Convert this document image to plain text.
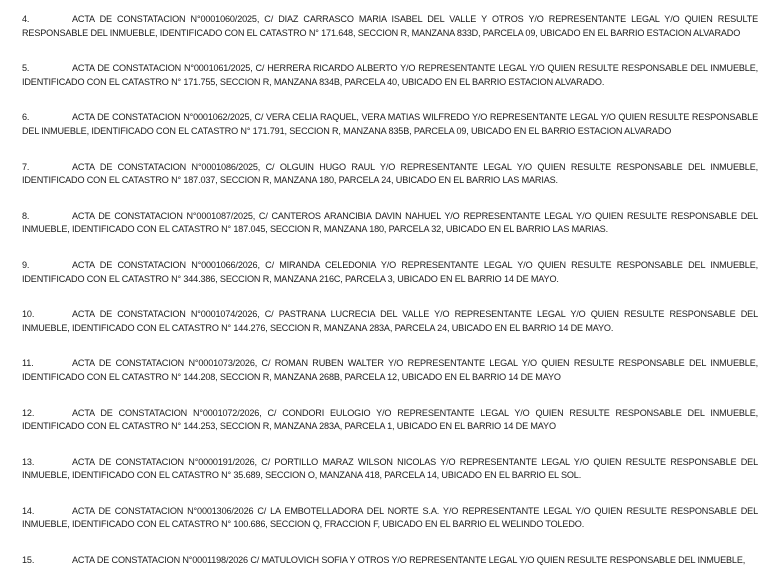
4.	ACTA DE CONSTATACION N°0001060/2025, C/ DIAZ CARRASCO MARIA ISABEL DEL VALLE Y OTROS Y/O REPRESENTANTE LEGAL Y/O QUIEN RESULTE RESPONSABLE DEL INMUEBLE, IDENTIFICADO CON EL CATASTRO N° 171.648, SECCION R, MANZANA 833D, PARCELA 09, UBICADO EN EL BARRIO ESTACION ALVARADO

5.	ACTA DE CONSTATACION N°0001061/2025, C/ HERRERA RICARDO ALBERTO Y/O REPRESENTANTE LEGAL Y/O QUIEN RESULTE RESPONSABLE DEL INMUEBLE, IDENTIFICADO CON EL CATASTRO N° 171.755, SECCION R, MANZANA 834B, PARCELA 40, UBICADO EN EL BARRIO ESTACION ALVARADO.

6.	ACTA DE CONSTATACION N°0001062/2025, C/ VERA CELIA RAQUEL, VERA MATIAS WILFREDO Y/O REPRESENTANTE LEGAL Y/O QUIEN RESULTE RESPONSABLE DEL INMUEBLE, IDENTIFICADO CON EL CATASTRO N° 171.791, SECCION R, MANZANA 835B, PARCELA 09, UBICADO EN EL BARRIO ESTACION ALVARADO

7.	ACTA DE CONSTATACION N°0001086/2025, C/ OLGUIN HUGO RAUL Y/O REPRESENTANTE LEGAL Y/O QUIEN RESULTE RESPONSABLE DEL INMUEBLE, IDENTIFICADO CON EL CATASTRO N° 187.037, SECCION R, MANZANA 180, PARCELA 24, UBICADO EN EL BARRIO LAS MARIAS.

8.	ACTA DE CONSTATACION N°0001087/2025, C/ CANTEROS ARANCIBIA DAVIN NAHUEL Y/O REPRESENTANTE LEGAL Y/O QUIEN RESULTE RESPONSABLE DEL INMUEBLE, IDENTIFICADO CON EL CATASTRO N° 187.045, SECCION R, MANZANA 180, PARCELA 32, UBICADO EN EL BARRIO LAS MARIAS.

9.	ACTA DE CONSTATACION N°0001066/2026, C/ MIRANDA CELEDONIA Y/O REPRESENTANTE LEGAL Y/O QUIEN RESULTE RESPONSABLE DEL INMUEBLE, IDENTIFICADO CON EL CATASTRO N° 344.386, SECCION R, MANZANA 216C, PARCELA 3, UBICADO EN EL BARRIO 14 DE MAYO.

10.	ACTA DE CONSTATACION N°0001074/2026, C/ PASTRANA LUCRECIA DEL VALLE Y/O REPRESENTANTE LEGAL Y/O QUIEN RESULTE RESPONSABLE DEL INMUEBLE, IDENTIFICADO CON EL CATASTRO N° 144.276, SECCION R, MANZANA 283A, PARCELA 24, UBICADO EN EL BARRIO 14 DE MAYO.

11.	ACTA DE CONSTATACION N°0001073/2026, C/ ROMAN RUBEN WALTER Y/O REPRESENTANTE LEGAL Y/O QUIEN RESULTE RESPONSABLE DEL INMUEBLE, IDENTIFICADO CON EL CATASTRO N° 144.208, SECCION R, MANZANA 268B, PARCELA 12, UBICADO EN EL BARRIO 14 DE MAYO

12.	ACTA DE CONSTATACION N°0001072/2026, C/ CONDORI EULOGIO Y/O REPRESENTANTE LEGAL Y/O QUIEN RESULTE RESPONSABLE DEL INMUEBLE, IDENTIFICADO CON EL CATASTRO N° 144.253, SECCION R, MANZANA 283A, PARCELA 1, UBICADO EN EL BARRIO 14 DE MAYO

13.	ACTA DE CONSTATACION N°0000191/2026, C/ PORTILLO MARAZ WILSON NICOLAS Y/O REPRESENTANTE LEGAL Y/O QUIEN RESULTE RESPONSABLE DEL INMUEBLE, IDENTIFICADO CON EL CATASTRO N° 35.689, SECCION O, MANZANA 418, PARCELA 14, UBICADO EN EL BARRIO EL SOL.

14.	ACTA DE CONSTATACION N°0001306/2026 C/ LA EMBOTELLADORA DEL NORTE S.A. Y/O REPRESENTANTE LEGAL Y/O QUIEN RESULTE RESPONSABLE DEL INMUEBLE, IDENTIFICADO CON EL CATASTRO N° 100.686, SECCION Q, FRACCION F, UBICADO EN EL BARRIO EL WELINDO TOLEDO.

15.	ACTA DE CONSTATACION N°0001198/2026 C/ MATULOVICH SOFIA Y OTROS Y/O REPRESENTANTE LEGAL Y/O QUIEN RESULTE RESPONSABLE DEL INMUEBLE,
